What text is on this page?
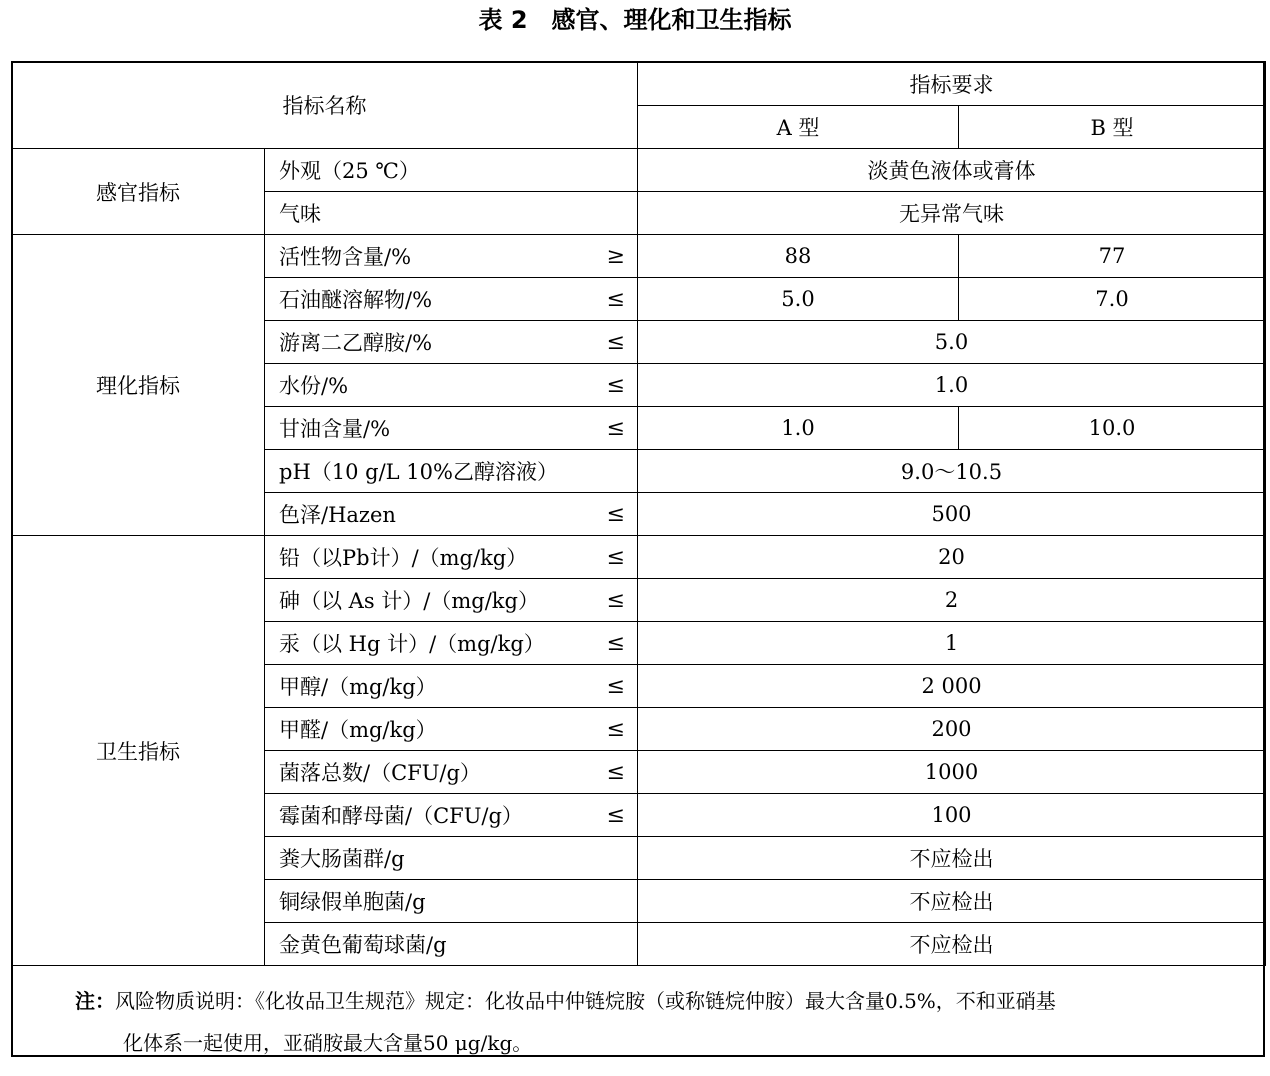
表 2　感官、理化和卫生指标
指标名称		指标要求	
		A 型	B 型
感官指标	外观（25 ℃）	淡黄色液体或膏体	

	气味	无异常气味	
理化指标	活性物含量/% ≥	88	77

	石油醚溶解物/% ≤	5.0	7.0

	游离二乙醇胺/% ≤	5.0	

	水份/% ≤	1.0	

	甘油含量/% ≤	1.0	10.0

	pH（10 g/L 10%乙醇溶液）	9.0～10.5	

	色泽/Hazen ≤	500	
卫生指标	铅（以Pb计）/（mg/kg） ≤	20	

	砷（以 As 计）/（mg/kg） ≤	2	

	汞（以 Hg 计）/（mg/kg） ≤	1	

	甲醇/（mg/kg） ≤	2 000	

	甲醛/（mg/kg） ≤	200	

	菌落总数/（CFU/g） ≤	1000	

	霉菌和酵母菌/（CFU/g） ≤	100	

	粪大肠菌群/g	不应检出	

	铜绿假单胞菌/g	不应检出	

	金黄色葡萄球菌/g	不应检出	
注：风险物质说明：《化妆品卫生规范》规定：化妆品中仲链烷胺（或称链烷仲胺）最大含量0.5%，不和亚硝基
化体系一起使用，亚硝胺最大含量50 μg/kg。
